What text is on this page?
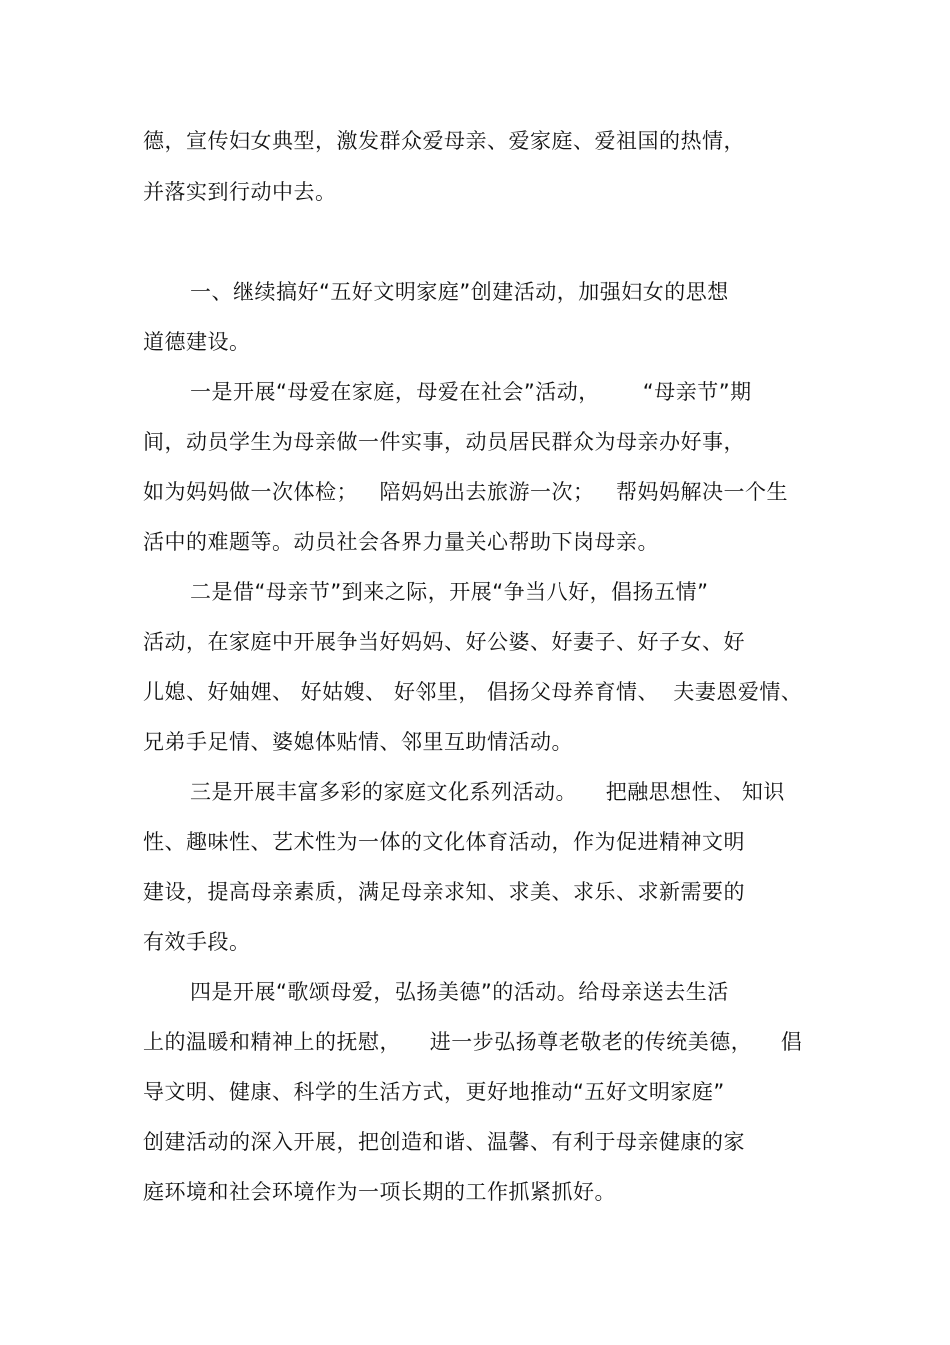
德，宣传妇女典型，激发群众爱母亲、爱家庭、爱祖国的热情，
并落实到行动中去。
一、继续搞好“五好文明家庭”创建活动，加强妇女的思想
道德建设。
一是开展“母爱在家庭，母爱在社会”活动，      “母亲节”期
间，动员学生为母亲做一件实事，动员居民群众为母亲办好事，
如为妈妈做一次体检；   陪妈妈出去旅游一次；   帮妈妈解决一个生
活中的难题等。动员社会各界力量关心帮助下岗母亲。
二是借“母亲节”到来之际，开展“争当八好，倡扬五情”
活动，在家庭中开展争当好妈妈、好公婆、好妻子、好子女、好
儿媳、好妯娌、 好姑嫂、 好邻里， 倡扬父母养育情、  夫妻恩爱情、
兄弟手足情、婆媳体贴情、邻里互助情活动。
三是开展丰富多彩的家庭文化系列活动。    把融思想性、 知识
性、趣味性、艺术性为一体的文化体育活动，作为促进精神文明
建设，提高母亲素质，满足母亲求知、求美、求乐、求新需要的
有效手段。
四是开展“歌颂母爱，弘扬美德”的活动。给母亲送去生活
上的温暖和精神上的抚慰，    进一步弘扬尊老敬老的传统美德，    倡
导文明、健康、科学的生活方式，更好地推动“五好文明家庭”
创建活动的深入开展，把创造和谐、温馨、有利于母亲健康的家
庭环境和社会环境作为一项长期的工作抓紧抓好。
